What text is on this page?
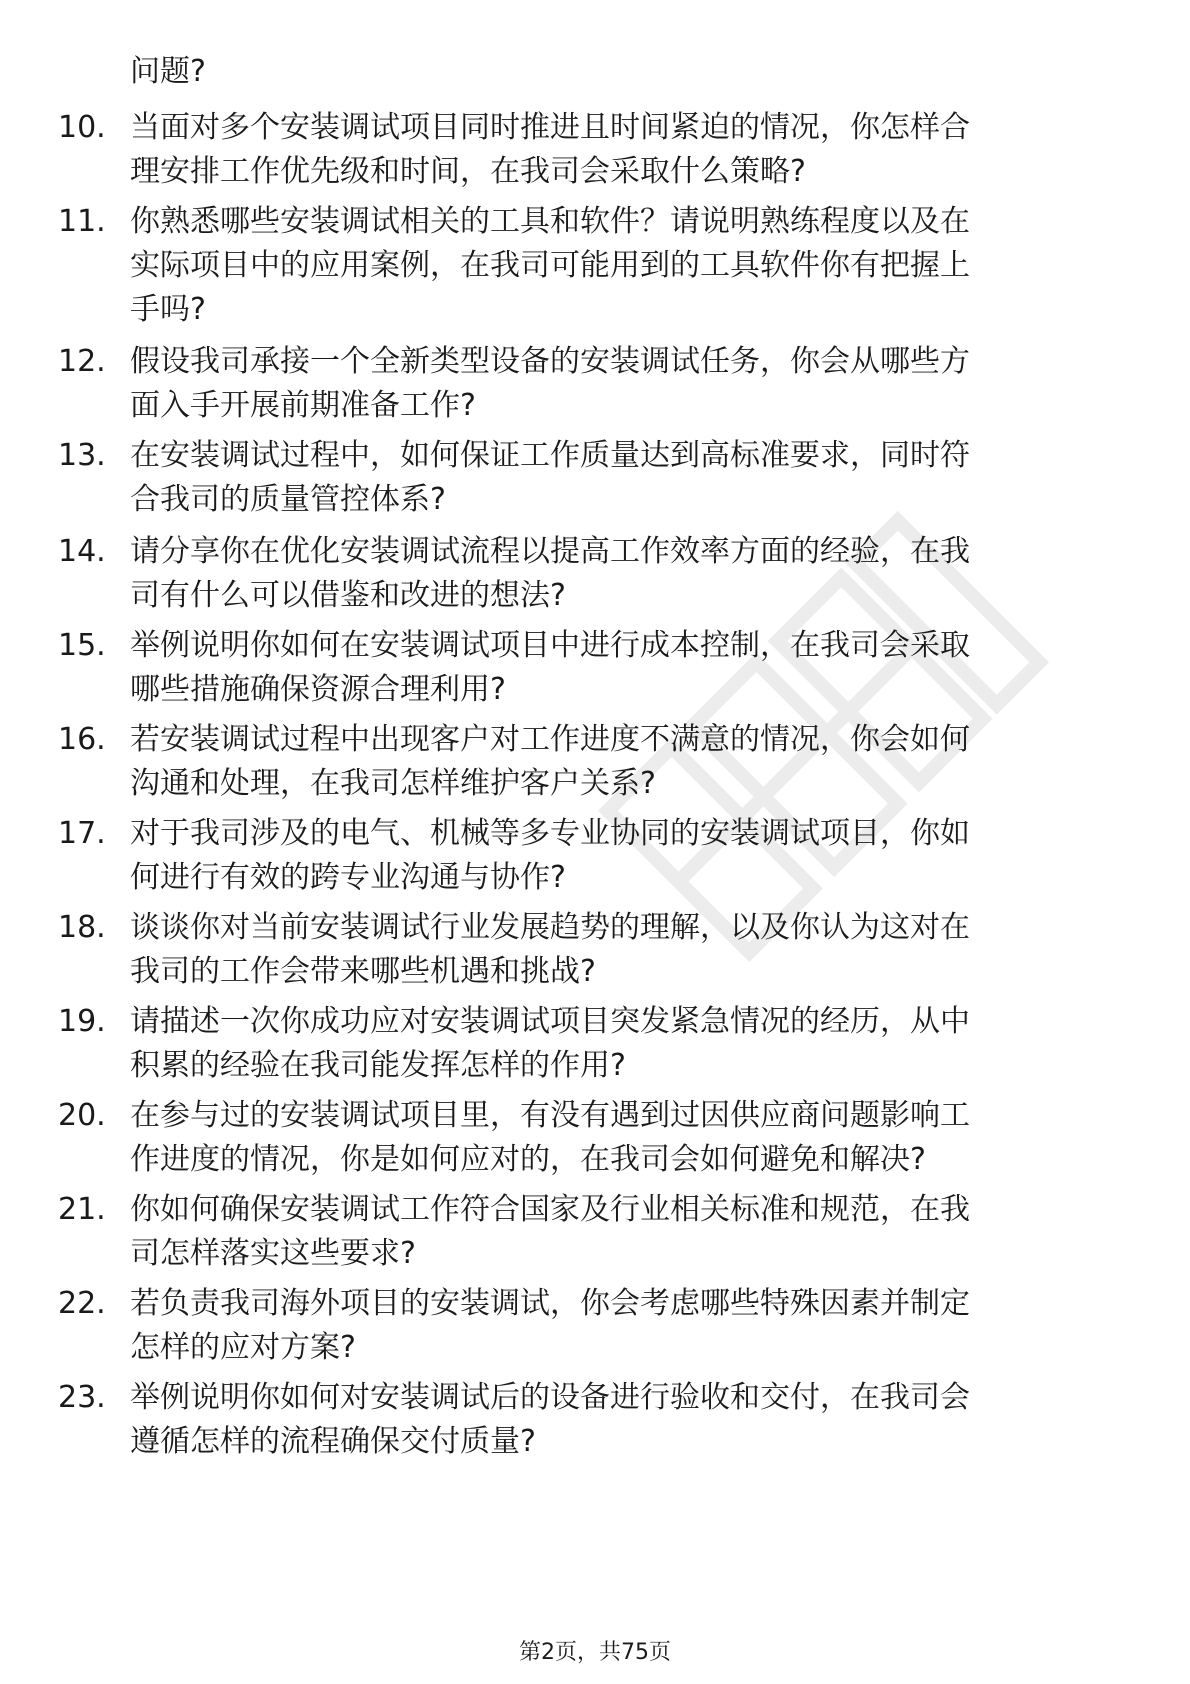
问题?
10. 当面对多个安装调试项目同时推进且时间紧迫的情况，你怎样合
理安排工作优先级和时间，在我司会采取什么策略?
11. 你熟悉哪些安装调试相关的工具和软件？请说明熟练程度以及在
实际项目中的应用案例，在我司可能用到的工具软件你有把握上
手吗?
12. 假设我司承接一个全新类型设备的安装调试任务，你会从哪些方
面入手开展前期准备工作?
13. 在安装调试过程中，如何保证工作质量达到高标准要求，同时符
合我司的质量管控体系?
14. 请分享你在优化安装调试流程以提高工作效率方面的经验，在我
司有什么可以借鉴和改进的想法?
15. 举例说明你如何在安装调试项目中进行成本控制，在我司会采取
哪些措施确保资源合理利用?
16. 若安装调试过程中出现客户对工作进度不满意的情况，你会如何
沟通和处理，在我司怎样维护客户关系?
17. 对于我司涉及的电气、机械等多专业协同的安装调试项目，你如
何进行有效的跨专业沟通与协作?
18. 谈谈你对当前安装调试行业发展趋势的理解，以及你认为这对在
我司的工作会带来哪些机遇和挑战?
19. 请描述一次你成功应对安装调试项目突发紧急情况的经历，从中
积累的经验在我司能发挥怎样的作用?
20. 在参与过的安装调试项目里，有没有遇到过因供应商问题影响工
作进度的情况，你是如何应对的，在我司会如何避免和解决?
21. 你如何确保安装调试工作符合国家及行业相关标准和规范，在我
司怎样落实这些要求?
22. 若负责我司海外项目的安装调试，你会考虑哪些特殊因素并制定
怎样的应对方案?
23. 举例说明你如何对安装调试后的设备进行验收和交付，在我司会
遵循怎样的流程确保交付质量?
第2页，共75页
